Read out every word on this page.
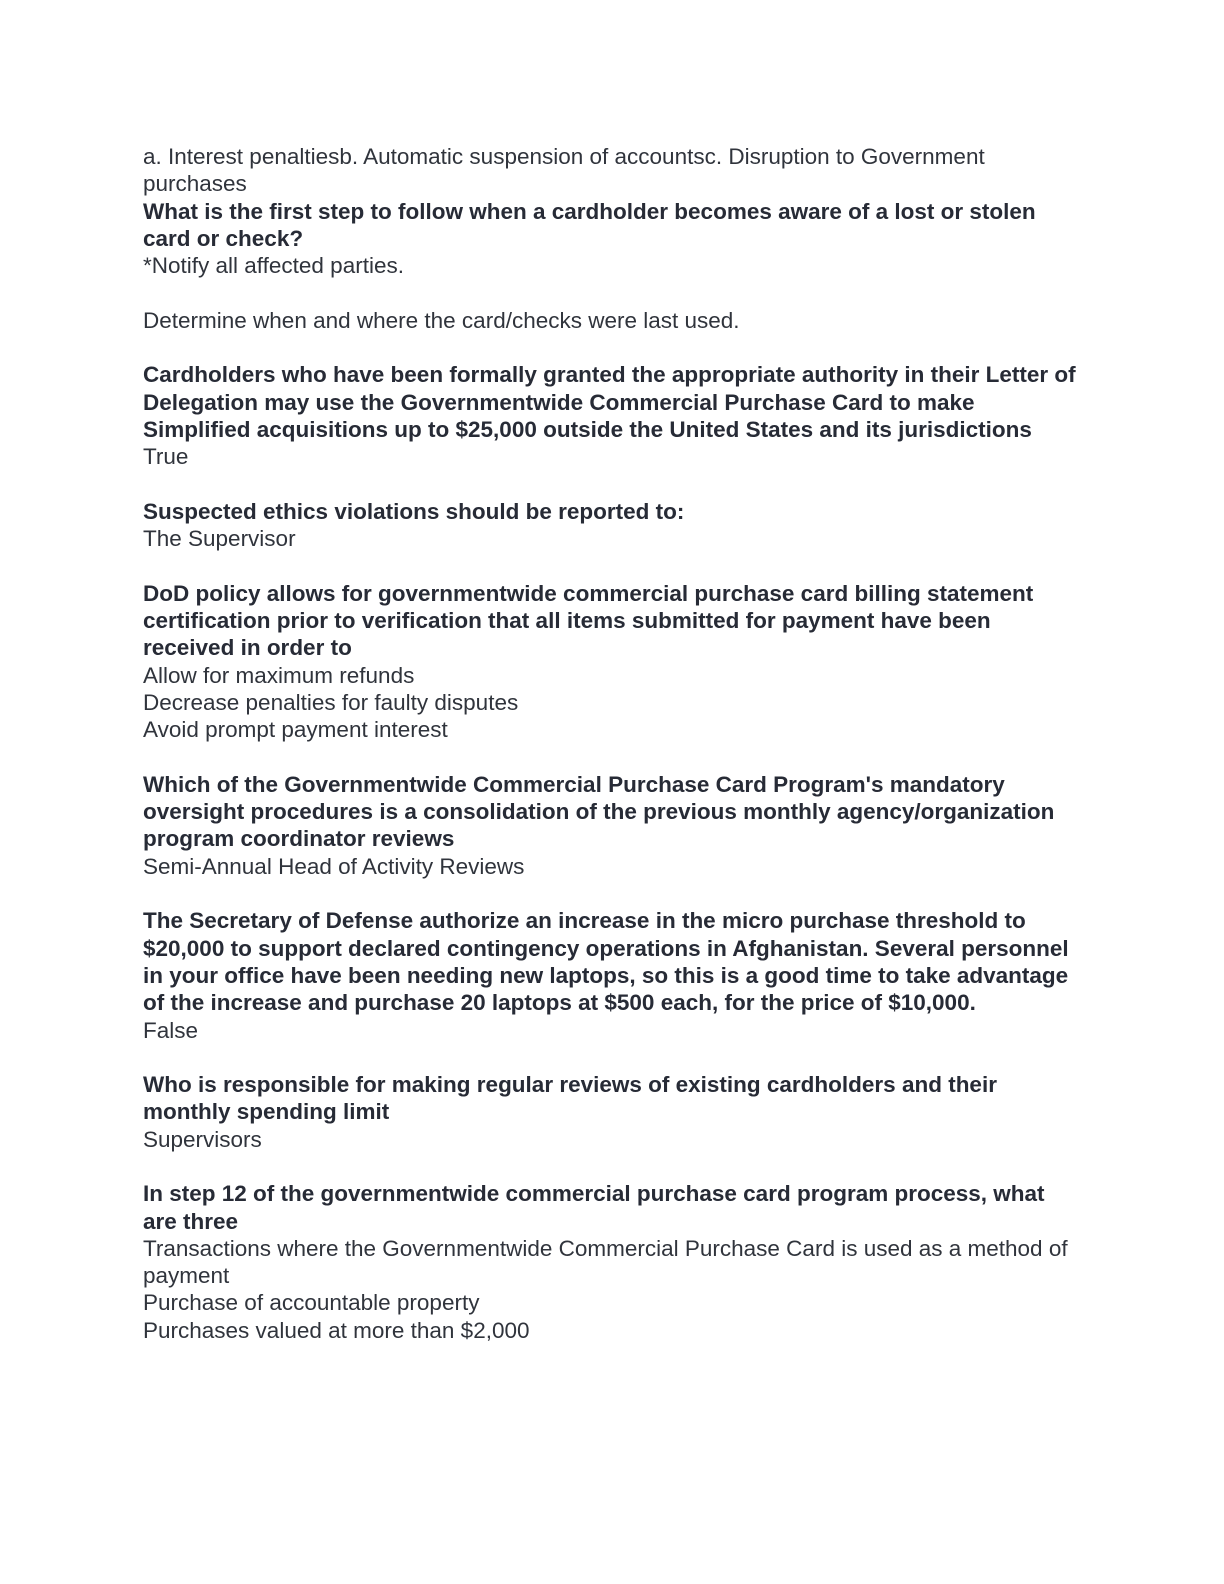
a. Interest penaltiesb. Automatic suspension of accountsc. Disruption to Government purchases

What is the first step to follow when a cardholder becomes aware of a lost or stolen card or check?

*Notify all affected parties.

Determine when and where the card/checks were last used.

Cardholders who have been formally granted the appropriate authority in their Letter of Delegation may use the Governmentwide Commercial Purchase Card to make Simplified acquisitions up to $25,000 outside the United States and its jurisdictions

True

Suspected ethics violations should be reported to:

The Supervisor

DoD policy allows for governmentwide commercial purchase card billing statement certification prior to verification that all items submitted for payment have been received in order to

Allow for maximum refunds

Decrease penalties for faulty disputes

Avoid prompt payment interest

Which of the Governmentwide Commercial Purchase Card Program's mandatory oversight procedures is a consolidation of the previous monthly agency/organization program coordinator reviews

Semi-Annual Head of Activity Reviews

The Secretary of Defense authorize an increase in the micro purchase threshold to $20,000 to support declared contingency operations in Afghanistan. Several personnel in your office have been needing new laptops, so this is a good time to take advantage of the increase and purchase 20 laptops at $500 each, for the price of $10,000.

False

Who is responsible for making regular reviews of existing cardholders and their monthly spending limit

Supervisors

In step 12 of the governmentwide commercial purchase card program process, what are three

Transactions where the Governmentwide Commercial Purchase Card is used as a method of payment

Purchase of accountable property

Purchases valued at more than $2,000
